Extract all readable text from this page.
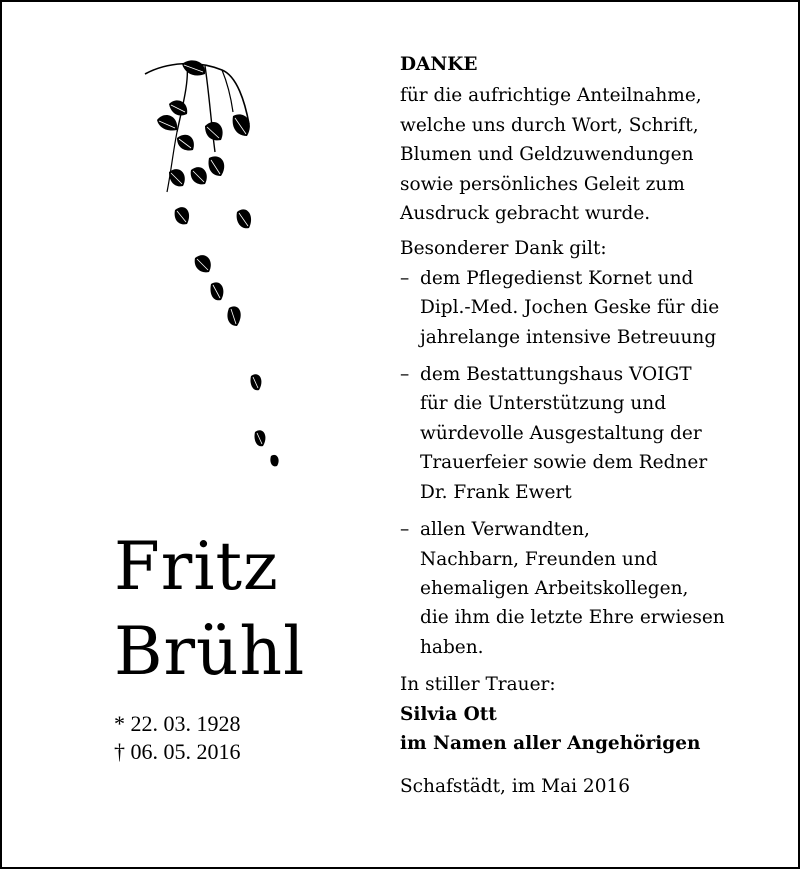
Fritz
Brühl
* 22. 03. 1928
† 06. 05. 2016
DANKE
für die aufrichtige Anteilnahme,
welche uns durch Wort, Schrift,
Blumen und Geldzuwendungen
sowie persönliches Geleit zum
Ausdruck gebracht wurde.
Besonderer Dank gilt:
– dem Pflegedienst Kornet und
Dipl.-Med. Jochen Geske für die
jahrelange intensive Betreuung
– dem Bestattungshaus VOIGT
für die Unterstützung und
würdevolle Ausgestaltung der
Trauerfeier sowie dem Redner
Dr. Frank Ewert
– allen Verwandten,
Nachbarn, Freunden und
ehemaligen Arbeitskollegen,
die ihm die letzte Ehre erwiesen
haben.
In stiller Trauer:
Silvia Ott
im Namen aller Angehörigen
Schafstädt, im Mai 2016
